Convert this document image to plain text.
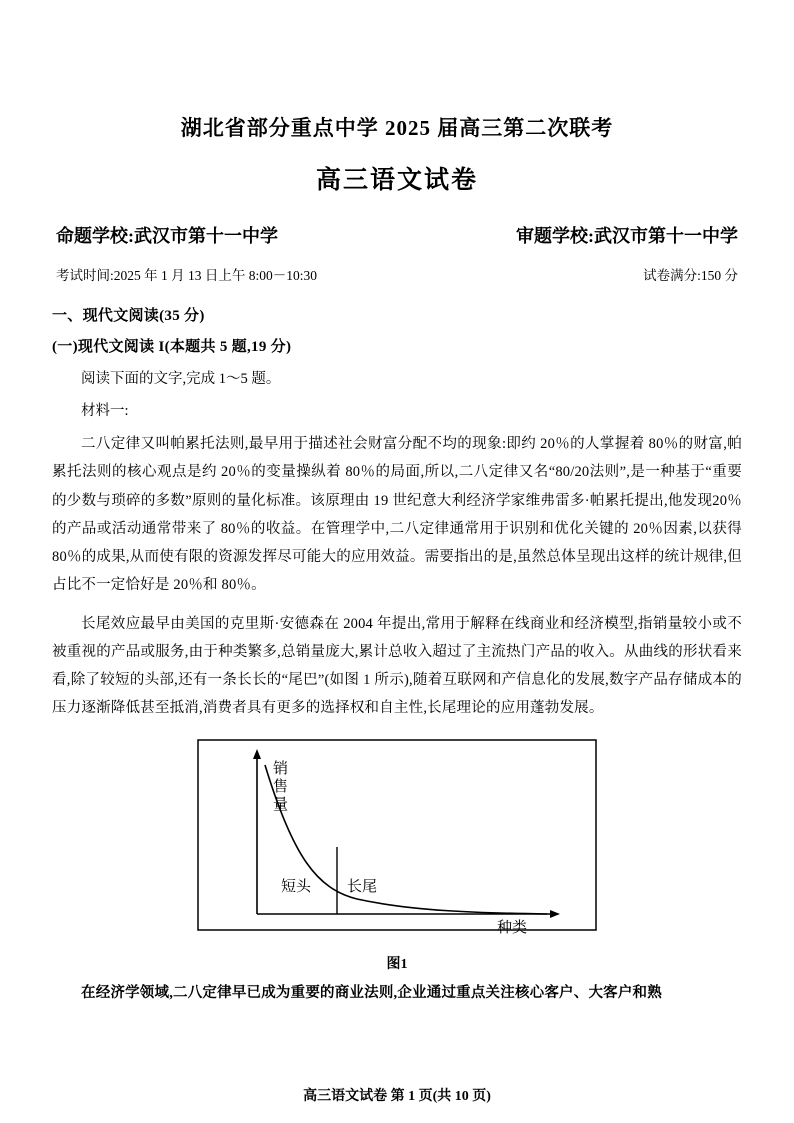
湖北省部分重点中学 2025 届高三第二次联考
高三语文试卷
命题学校:武汉市第十一中学	审题学校:武汉市第十一中学
考试时间:2025 年 1 月 13 日上午 8:00－10:30	试卷满分:150 分
一、现代文阅读(35 分)
(一)现代文阅读 I(本题共 5 题,19 分)
阅读下面的文字,完成 1～5 题。
材料一:

二八定律又叫帕累托法则,最早用于描述社会财富分配不均的现象:即约 20％的人掌握着 80％的财富,帕累托法则的核心观点是约 20％的变量操纵着 80％的局面,所以,二八定律又名“80/20法则”,是一种基于“重要的少数与琐碎的多数”原则的量化标准。该原理由 19 世纪意大利经济学家维弗雷多·帕累托提出,他发现20％的产品或活动通常带来了 80％的收益。在管理学中,二八定律通常用于识别和优化关键的 20％因素,以获得 80％的成果,从而使有限的资源发挥尽可能大的应用效益。需要指出的是,虽然总体呈现出这样的统计规律,但占比不一定恰好是 20％和 80％。

长尾效应最早由美国的克里斯·安德森在 2004 年提出,常用于解释在线商业和经济模型,指销量较小或不被重视的产品或服务,由于种类繁多,总销量庞大,累计总收入超过了主流热门产品的收入。从曲线的形状看来看,除了较短的头部,还有一条长长的“尾巴”(如图 1 所示),随着互联网和产信息化的发展,数字产品存储成本的压力逐渐降低甚至抵消,消费者具有更多的选择权和自主性,长尾理论的应用蓬勃发展。

销
售
量
短头 长尾
种类
图1
在经济学领域,二八定律早已成为重要的商业法则,企业通过重点关注核心客户、大客户和熟
高三语文试卷 第 1 页(共 10 页)
